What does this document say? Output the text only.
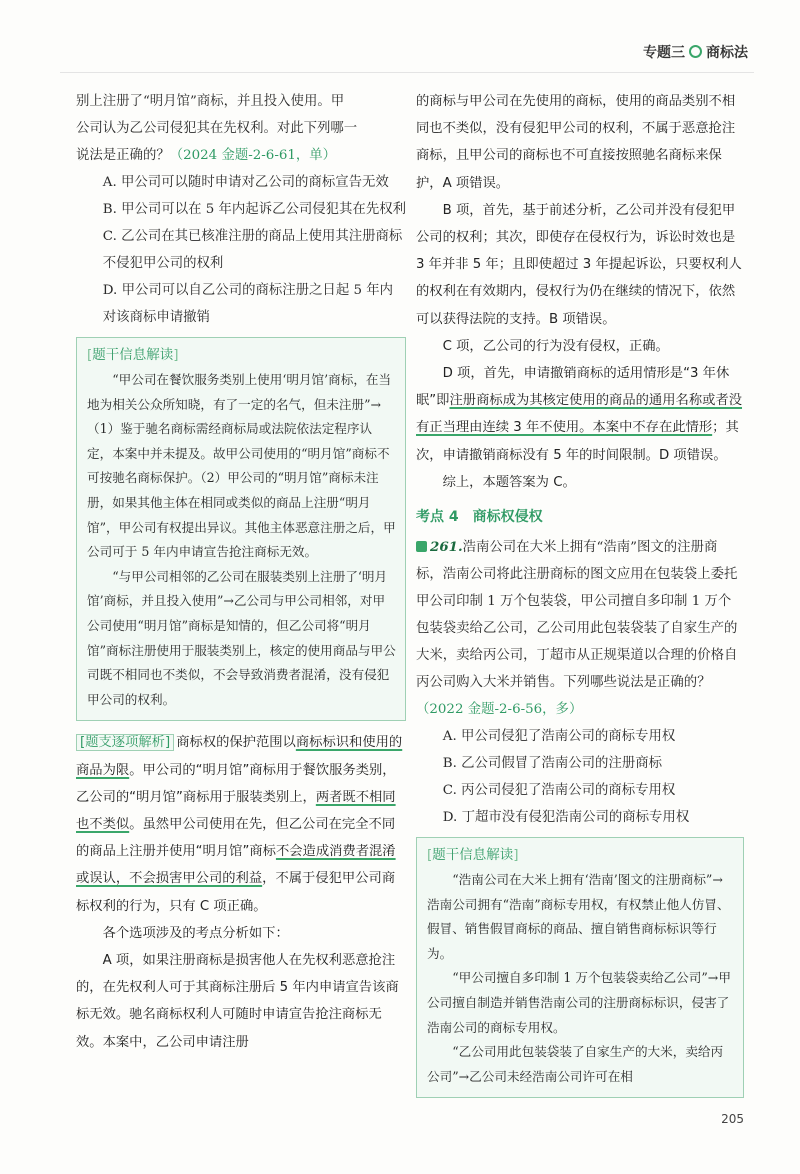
专题三 商标法

别上注册了“明月馆”商标，并且投入使用。甲
公司认为乙公司侵犯其在先权利。对此下列哪一
说法是正确的？（2024 金题-2-6-61，单）

A. 甲公司可以随时申请对乙公司的商标宣告无效

B. 甲公司可以在 5 年内起诉乙公司侵犯其在先权利

C. 乙公司在其已核准注册的商品上使用其注册商标不侵犯甲公司的权利

D. 甲公司可以自乙公司的商标注册之日起 5 年内对该商标申请撤销

[题干信息解读]

“甲公司在餐饮服务类别上使用‘明月馆’商标，在当地为相关公众所知晓，有了一定的名气，但未注册”→（1）鉴于驰名商标需经商标局或法院依法定程序认定，本案中并未提及。故甲公司使用的“明月馆”商标不可按驰名商标保护。（2）甲公司的“明月馆”商标未注册，如果其他主体在相同或类似的商品上注册“明月馆”，甲公司有权提出异议。其他主体恶意注册之后，甲公司可于 5 年内申请宣告抢注商标无效。

“与甲公司相邻的乙公司在服装类别上注册了‘明月馆’商标，并且投入使用”→乙公司与甲公司相邻，对甲公司使用“明月馆”商标是知情的，但乙公司将“明月馆”商标注册使用于服装类别上，核定的使用商品与甲公司既不相同也不类似，不会导致消费者混淆，没有侵犯甲公司的权利。

[题支逐项解析] 商标权的保护范围以商标标识和使用的商品为限。甲公司的“明月馆”商标用于餐饮服务类别，乙公司的“明月馆”商标用于服装类别上，两者既不相同也不类似。虽然甲公司使用在先，但乙公司在完全不同的商品上注册并使用“明月馆”商标不会造成消费者混淆或误认，不会损害甲公司的利益，不属于侵犯甲公司商标权利的行为，只有 C 项正确。

各个选项涉及的考点分析如下：

A 项，如果注册商标是损害他人在先权利恶意抢注的，在先权利人可于其商标注册后 5 年内申请宣告该商标无效。驰名商标权利人可随时申请宣告抢注商标无效。本案中，乙公司申请注册

的商标与甲公司在先使用的商标，使用的商品类别不相同也不类似，没有侵犯甲公司的权利，不属于恶意抢注商标，且甲公司的商标也不可直接按照驰名商标来保护，A 项错误。

B 项，首先，基于前述分析，乙公司并没有侵犯甲公司的权利；其次，即使存在侵权行为，诉讼时效也是 3 年并非 5 年；且即使超过 3 年提起诉讼，只要权利人的权利在有效期内，侵权行为仍在继续的情况下，依然可以获得法院的支持。B 项错误。

C 项，乙公司的行为没有侵权，正确。

D 项，首先，申请撤销商标的适用情形是“3 年休眠”即注册商标成为其核定使用的商品的通用名称或者没有正当理由连续 3 年不使用。本案中不存在此情形；其次，申请撤销商标没有 5 年的时间限制。D 项错误。

综上，本题答案为 C。

考点 4 商标权侵权

261.浩南公司在大米上拥有“浩南”图文的注册商标，浩南公司将此注册商标的图文应用在包装袋上委托甲公司印制 1 万个包装袋，甲公司擅自多印制 1 万个包装袋卖给乙公司，乙公司用此包装袋装了自家生产的大米，卖给丙公司，丁超市从正规渠道以合理的价格自丙公司购入大米并销售。下列哪些说法是正确的？（2022 金题-2-6-56，多）

A. 甲公司侵犯了浩南公司的商标专用权

B. 乙公司假冒了浩南公司的注册商标

C. 丙公司侵犯了浩南公司的商标专用权

D. 丁超市没有侵犯浩南公司的商标专用权

[题干信息解读]

“浩南公司在大米上拥有‘浩南’图文的注册商标”→浩南公司拥有“浩南”商标专用权，有权禁止他人仿冒、假冒、销售假冒商标的商品、擅自销售商标标识等行为。

“甲公司擅自多印制 1 万个包装袋卖给乙公司”→甲公司擅自制造并销售浩南公司的注册商标标识，侵害了浩南公司的商标专用权。

“乙公司用此包装袋装了自家生产的大米，卖给丙公司”→乙公司未经浩南公司许可在相

205
